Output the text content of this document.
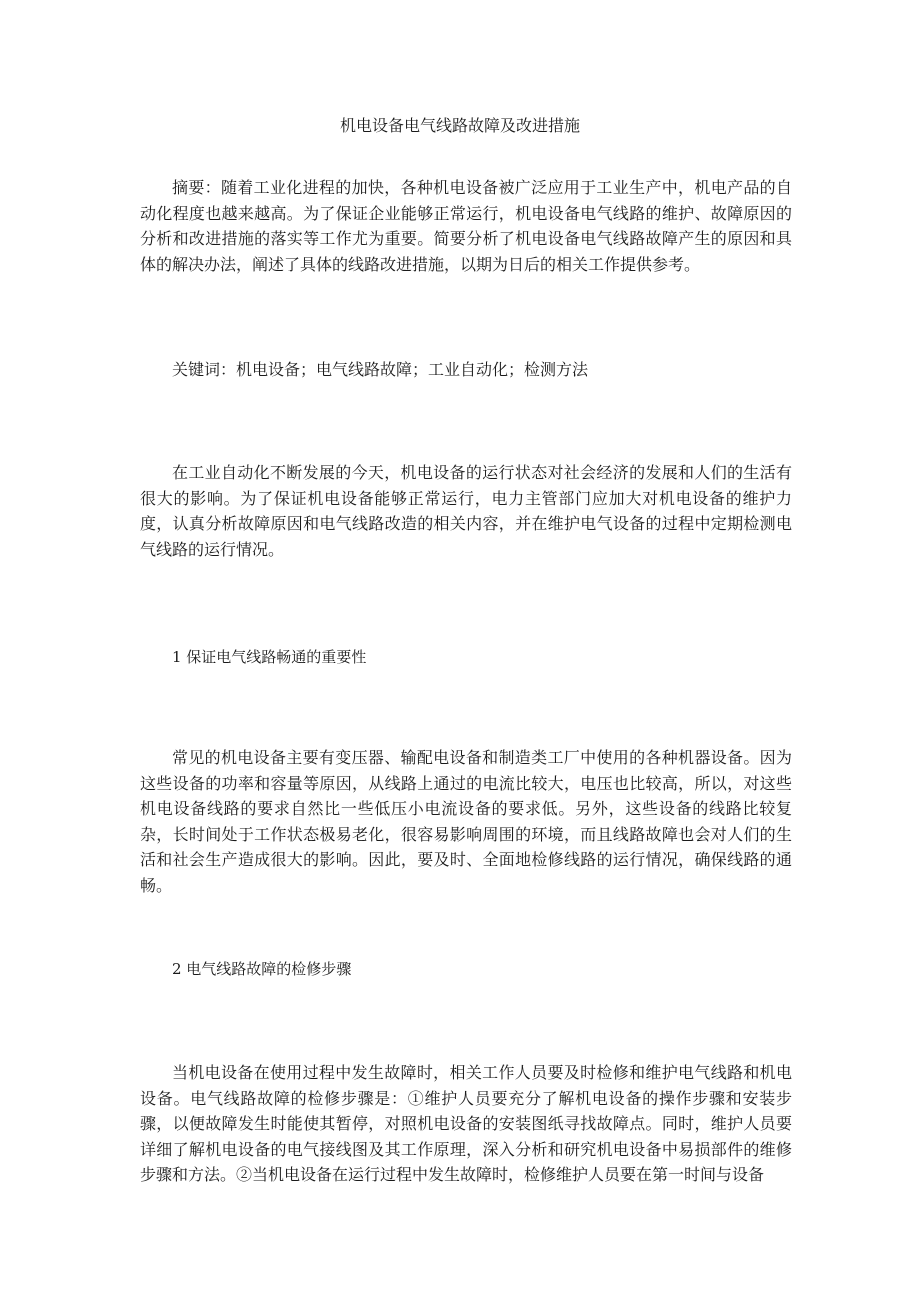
机电设备电气线路故障及改进措施

摘要：随着工业化进程的加快，各种机电设备被广泛应用于工业生产中，机电产品的自动化程度也越来越高。为了保证企业能够正常运行，机电设备电气线路的维护、故障原因的分析和改进措施的落实等工作尤为重要。简要分析了机电设备电气线路故障产生的原因和具体的解决办法，阐述了具体的线路改进措施，以期为日后的相关工作提供参考。

关键词：机电设备；电气线路故障；工业自动化；检测方法

在工业自动化不断发展的今天，机电设备的运行状态对社会经济的发展和人们的生活有很大的影响。为了保证机电设备能够正常运行，电力主管部门应加大对机电设备的维护力度，认真分析故障原因和电气线路改造的相关内容，并在维护电气设备的过程中定期检测电气线路的运行情况。

1 保证电气线路畅通的重要性

常见的机电设备主要有变压器、输配电设备和制造类工厂中使用的各种机器设备。因为这些设备的功率和容量等原因，从线路上通过的电流比较大，电压也比较高，所以，对这些机电设备线路的要求自然比一些低压小电流设备的要求低。另外，这些设备的线路比较复杂，长时间处于工作状态极易老化，很容易影响周围的环境，而且线路故障也会对人们的生活和社会生产造成很大的影响。因此，要及时、全面地检修线路的运行情况，确保线路的通畅。

2 电气线路故障的检修步骤

当机电设备在使用过程中发生故障时，相关工作人员要及时检修和维护电气线路和机电设备。电气线路故障的检修步骤是：①维护人员要充分了解机电设备的操作步骤和安装步骤，以便故障发生时能使其暂停，对照机电设备的安装图纸寻找故障点。同时，维护人员要详细了解机电设备的电气接线图及其工作原理，深入分析和研究机电设备中易损部件的维修步骤和方法。②当机电设备在运行过程中发生故障时，检修维护人员要在第一时间与设备
